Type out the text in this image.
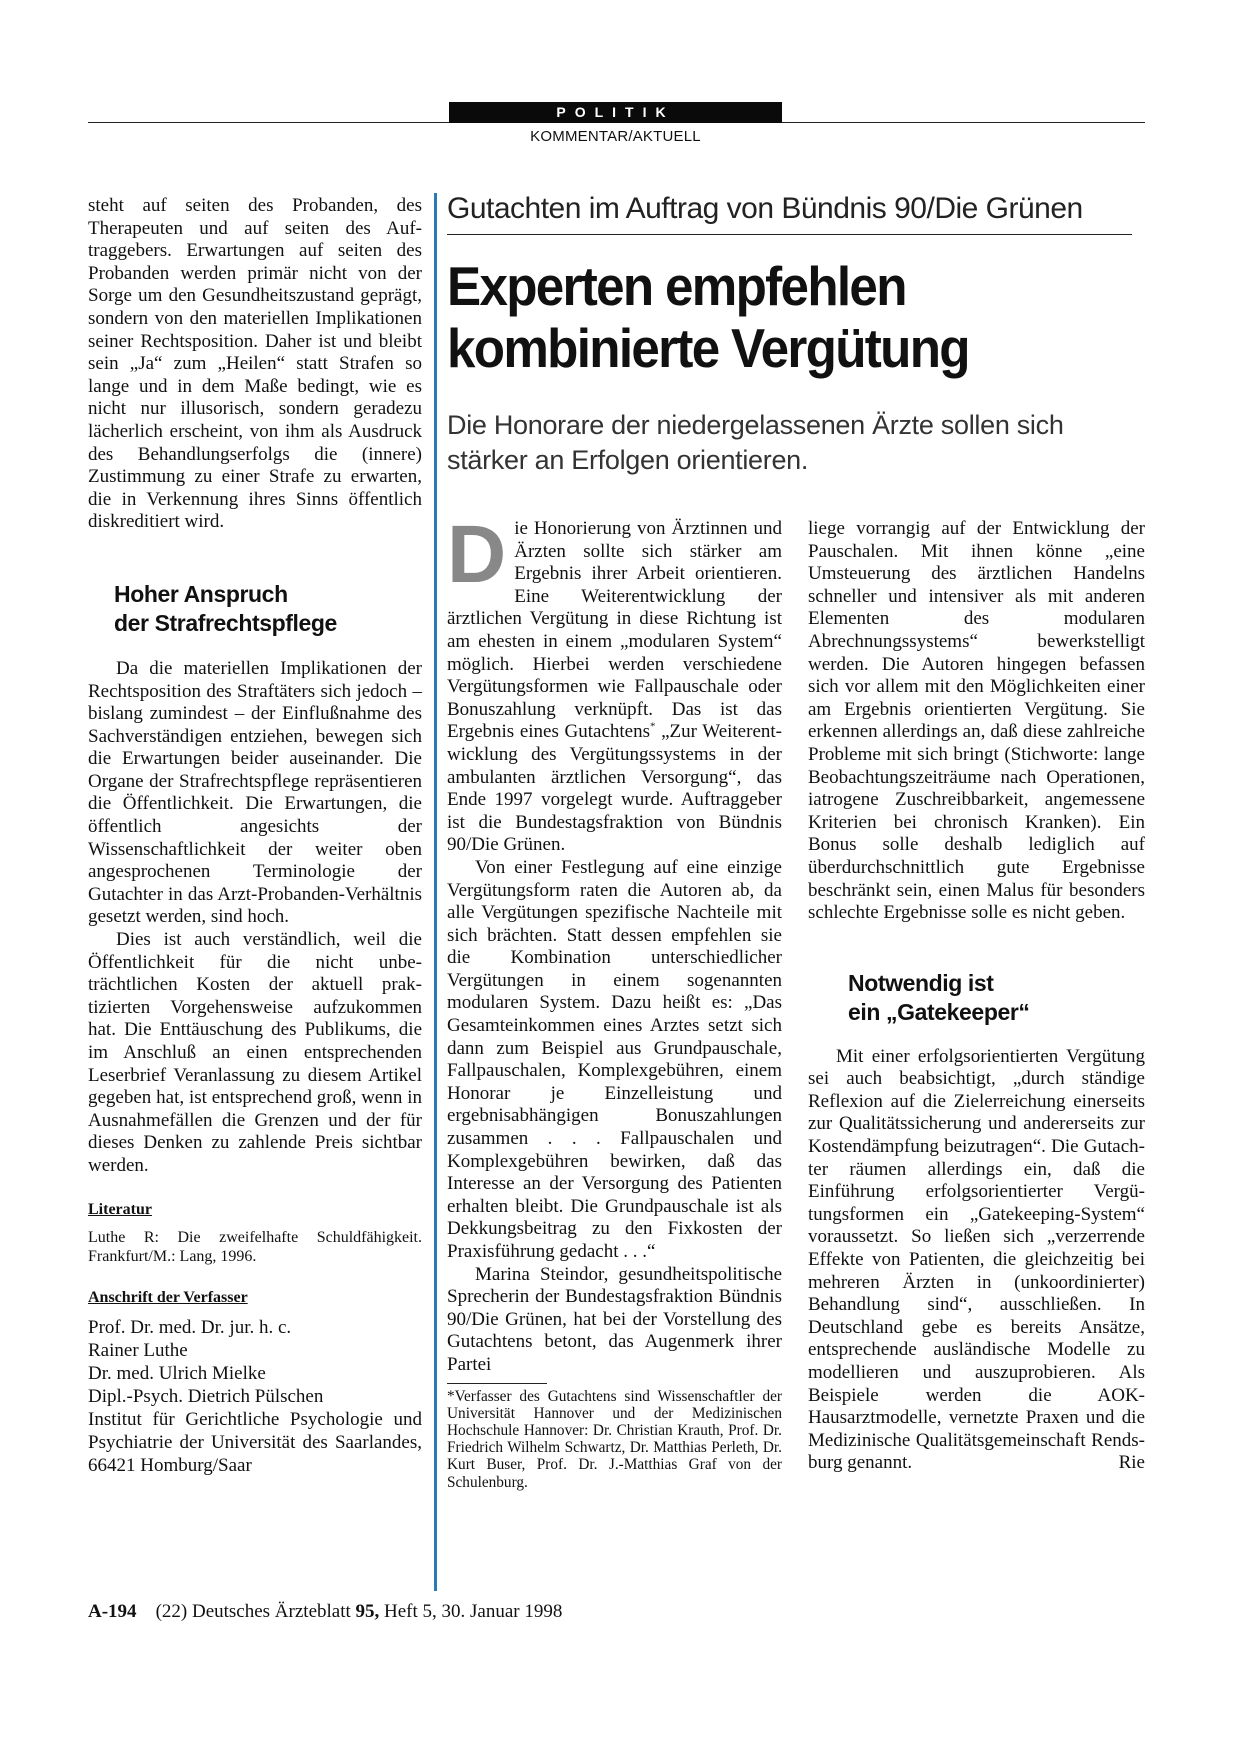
POLITIK
KOMMENTAR/AKTUELL

steht auf seiten des Probanden, des Therapeuten und auf seiten des Auftraggebers. Erwartungen auf seiten des Probanden werden primär nicht von der Sorge um den Gesundheitszustand geprägt, sondern von den materiellen Implikationen seiner Rechtsposition. Daher ist und bleibt sein „Ja“ zum „Heilen“ statt Strafen so lange und in dem Maße bedingt, wie es nicht nur illusorisch, sondern geradezu lächerlich erscheint, von ihm als Ausdruck des Behandlungserfolgs die (innere) Zustimmung zu einer Strafe zu erwarten, die in Verkennung ihres Sinns öffentlich diskreditiert wird.

Hoher Anspruch
der Strafrechtspflege

Da die materiellen Implikationen der Rechtsposition des Straftäters sich jedoch – bislang zumindest – der Einflußnahme des Sachverständigen entziehen, bewegen sich die Erwartungen beider auseinander. Die Organe der Strafrechtspflege repräsentieren die Öffentlichkeit. Die Erwartungen, die öffentlich angesichts der Wissenschaftlichkeit der weiter oben angesprochenen Terminologie der Gutachter in das Arzt-Probanden-Verhältnis gesetzt werden, sind hoch.

Dies ist auch verständlich, weil die Öffentlichkeit für die nicht unbeträchtlichen Kosten der aktuell praktizierten Vorgehensweise aufzukommen hat. Die Enttäuschung des Publikums, die im Anschluß an einen entsprechenden Leserbrief Veranlassung zu diesem Artikel gegeben hat, ist entsprechend groß, wenn in Ausnahmefällen die Grenzen und der für dieses Denken zu zahlende Preis sichtbar werden.

Literatur
Luthe R: Die zweifelhafte Schuldfähigkeit. Frankfurt/M.: Lang, 1996.
Anschrift der Verfasser
Prof. Dr. med. Dr. jur. h. c.
Rainer Luthe
Dr. med. Ulrich Mielke
Dipl.-Psych. Dietrich Pülschen
Institut für Gerichtliche Psychologie und Psychiatrie der Universität des Saarlandes, 66421 Homburg/Saar
Gutachten im Auftrag von Bündnis 90/Die Grünen
Experten empfehlen
kombinierte Vergütung
Die Honorare der niedergelassenen Ärzte sollen sich stärker an Erfolgen orientieren.

Die Honorierung von Ärztinnen und Ärzten sollte sich stärker am Ergebnis ihrer Arbeit orientieren. Eine Weiterentwicklung der ärztlichen Vergütung in diese Richtung ist am ehesten in einem „modularen System“ möglich. Hierbei werden verschiedene Vergütungsformen wie Fallpauschale oder Bonuszahlung verknüpft. Das ist das Ergebnis eines Gutachtens* „Zur Weiterentwicklung des Vergütungssystems in der ambulanten ärztlichen Versorgung“, das Ende 1997 vorgelegt wurde. Auftraggeber ist die Bundestagsfraktion von Bündnis 90/Die Grünen.

Von einer Festlegung auf eine einzige Vergütungsform raten die Autoren ab, da alle Vergütungen spezifische Nachteile mit sich brächten. Statt dessen empfehlen sie die Kombination unterschiedlicher Vergütungen in einem sogenannten modularen System. Dazu heißt es: „Das Gesamteinkommen eines Arztes setzt sich dann zum Beispiel aus Grundpauschale, Fallpauschalen, Komplexgebühren, einem Honorar je Einzelleistung und ergebnisabhängigen Bonuszahlungen zusammen . . . Fallpauschalen und Komplexgebühren bewirken, daß das Interesse an der Versorgung des Patienten erhalten bleibt. Die Grundpauschale ist als Dekkungsbeitrag zu den Fixkosten der Praxisführung gedacht . . .“

Marina Steindor, gesundheitspolitische Sprecherin der Bundestagsfraktion Bündnis 90/Die Grünen, hat bei der Vorstellung des Gutachtens betont, das Augenmerk ihrer Partei

*Verfasser des Gutachtens sind Wissenschaftler der Universität Hannover und der Medizinischen Hochschule Hannover: Dr. Christian Krauth, Prof. Dr. Friedrich Wilhelm Schwartz, Dr. Matthias Perleth, Dr. Kurt Buser, Prof. Dr. J.-Matthias Graf von der Schulenburg.

liege vorrangig auf der Entwicklung der Pauschalen. Mit ihnen könne „eine Umsteuerung des ärztlichen Handelns schneller und intensiver als mit anderen Elementen des modularen Abrechnungssystems“ bewerkstelligt werden. Die Autoren hingegen befassen sich vor allem mit den Möglichkeiten einer am Ergebnis orientierten Vergütung. Sie erkennen allerdings an, daß diese zahlreiche Probleme mit sich bringt (Stichworte: lange Beobachtungszeiträume nach Operationen, iatrogene Zuschreibbarkeit, angemessene Kriterien bei chronisch Kranken). Ein Bonus solle deshalb lediglich auf überdurchschnittlich gute Ergebnisse beschränkt sein, einen Malus für besonders schlechte Ergebnisse solle es nicht geben.

Notwendig ist
ein „Gatekeeper“

Mit einer erfolgsorientierten Vergütung sei auch beabsichtigt, „durch ständige Reflexion auf die Zielerreichung einerseits zur Qualitätssicherung und andererseits zur Kostendämpfung beizutragen“. Die Gutachter räumen allerdings ein, daß die Einführung erfolgsorientierter Vergütungsformen ein „Gatekeeping-System“ voraussetzt. So ließen sich „verzerrende Effekte von Patienten, die gleichzeitig bei mehreren Ärzten in (unkoordinierter) Behandlung sind“, ausschließen. In Deutschland gebe es bereits Ansätze, entsprechende ausländische Modelle zu modellieren und auszuprobieren. Als Beispiele werden die AOK-Hausarztmodelle, vernetzte Praxen und die Medizinische Qualitätsgemeinschaft Rendsburg genannt.	Rie

A-194 (22) Deutsches Ärzteblatt 95, Heft 5, 30. Januar 1998
